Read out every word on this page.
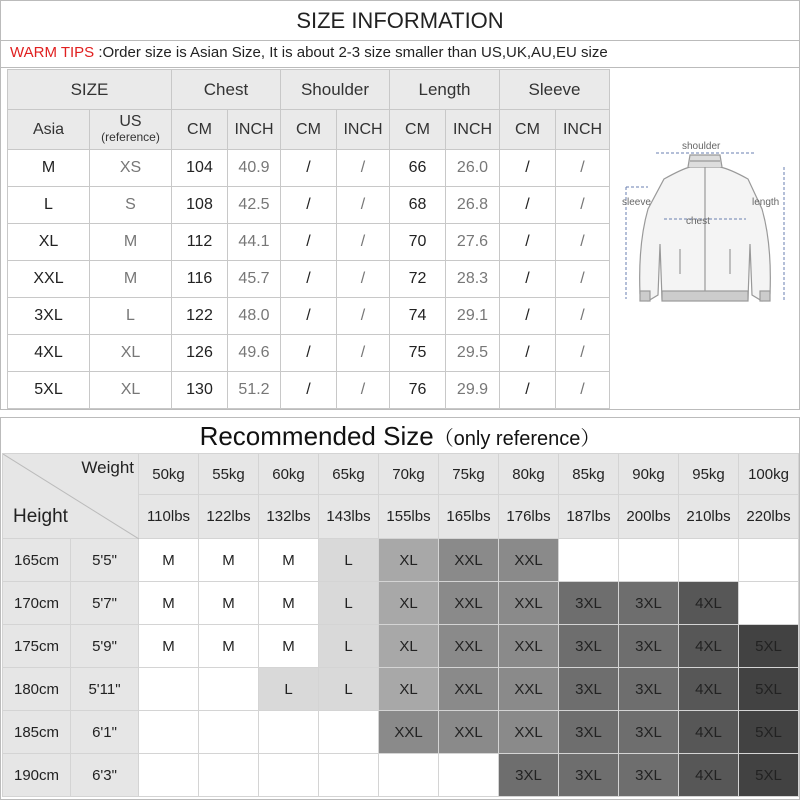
SIZE INFORMATION
WARM TIPS :Order size is Asian Size, It is about 2-3 size smaller than US,UK,AU,EU size
SIZE		Chest		Shoulder		Length		Sleeve	
Asia	US
(reference)	CM	INCH	CM	INCH	CM	INCH	CM	INCH
M	XS	104	40.9	/	/	66	26.0	/	/
L	S	108	42.5	/	/	68	26.8	/	/
XL	M	112	44.1	/	/	70	27.6	/	/
XXL	M	116	45.7	/	/	72	28.3	/	/
3XL	L	122	48.0	/	/	74	29.1	/	/
4XL	XL	126	49.6	/	/	75	29.5	/	/
5XL	XL	130	51.2	/	/	76	29.9	/	/
shoulder
sleeve
chest
length
Recommended Size（only reference）
Weight
Height		50kg	55kg	60kg	65kg	70kg	75kg	80kg	85kg	90kg	95kg	100kg
		110lbs	122lbs	132lbs	143lbs	155lbs	165lbs	176lbs	187lbs	200lbs	210lbs	220lbs
165cm	5'5"	M	M	M	L	XL	XXL	XXL				
170cm	5'7"	M	M	M	L	XL	XXL	XXL	3XL	3XL	4XL	
175cm	5'9"	M	M	M	L	XL	XXL	XXL	3XL	3XL	4XL	5XL
180cm	5'11"			L	L	XL	XXL	XXL	3XL	3XL	4XL	5XL
185cm	6'1"					XXL	XXL	XXL	3XL	3XL	4XL	5XL
190cm	6'3"							3XL	3XL	3XL	4XL	5XL
